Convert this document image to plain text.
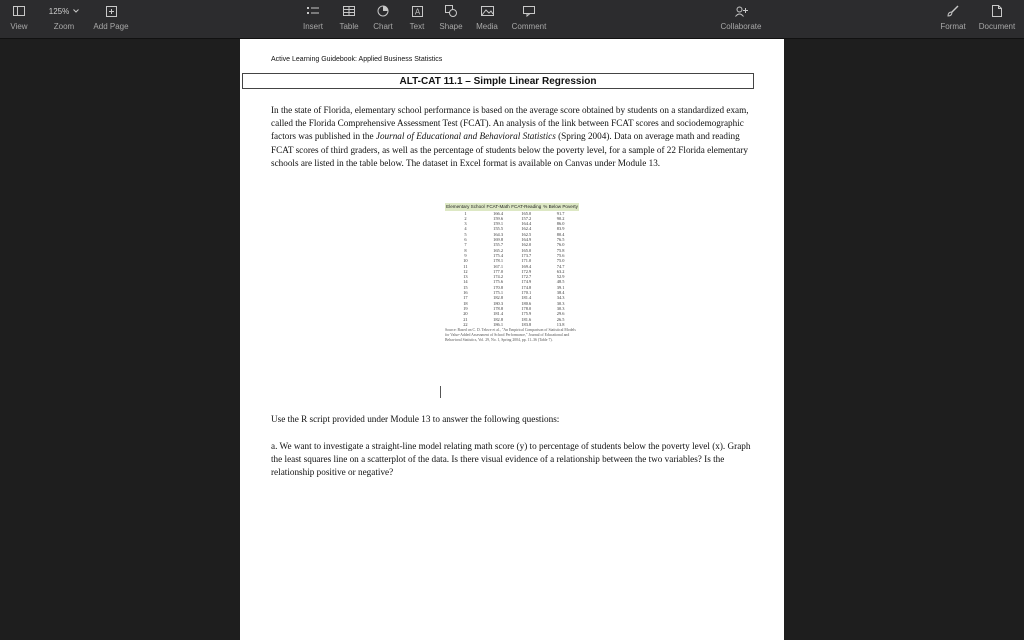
View
125%
Zoom Add Page	Insert Table Chart
A
Text Shape Media Comment	Collaborate	Format Document
Active Learning Guidebook: Applied Business Statistics
ALT-CAT 11.1 – Simple Linear Regression
In the state of Florida, elementary school performance is based on the average score obtained by students on a standardized exam, called the Florida Comprehensive Assessment Test (FCAT). An analysis of the link between FCAT scores and sociodemographic factors was published in the Journal of Educational and Behavioral Statistics (Spring 2004). Data on average math and reading FCAT scores of third graders, as well as the percentage of students below the poverty level, for a sample of 22 Florida elementary schools are listed in the table below. The dataset in Excel format is available on Canvas under Module 13.
Elementary School	FCAT-Math	FCAT-Reading	% Below Poverty
1	166.4	165.0	91.7
2	159.6	157.2	90.2
3	159.1	164.4	86.0
4	155.5	162.4	83.9
5	164.3	162.5	80.4
6	169.8	164.9	76.5
7	155.7	162.0	76.0
8	165.2	165.0	75.8
9	175.4	173.7	75.6
10	178.1	171.0	75.0
11	167.1	169.4	74.7
12	177.0	172.9	63.2
13	174.2	172.7	52.9
14	175.6	174.9	48.5
15	170.8	174.8	39.1
16	175.1	170.1	38.4
17	182.8	181.4	34.3
18	180.3	180.6	30.3
19	178.8	178.0	30.3
20	181.4	175.9	29.6
21	182.8	181.6	26.5
22	186.1	183.8	13.8
Source: Based on C. D. Tekwe et al., "An Empirical Comparison of Statistical Models for Value-Added Assessment of School Performance," Journal of Educational and Behavioral Statistics, Vol. 29, No. 1, Spring 2004, pp. 11–36 (Table 7).
Use the R script provided under Module 13 to answer the following questions:
a. We want to investigate a straight-line model relating math score (y) to percentage of students below the poverty level (x). Graph the least squares line on a scatterplot of the data. Is there visual evidence of a relationship between the two variables? Is the relationship positive or negative?
